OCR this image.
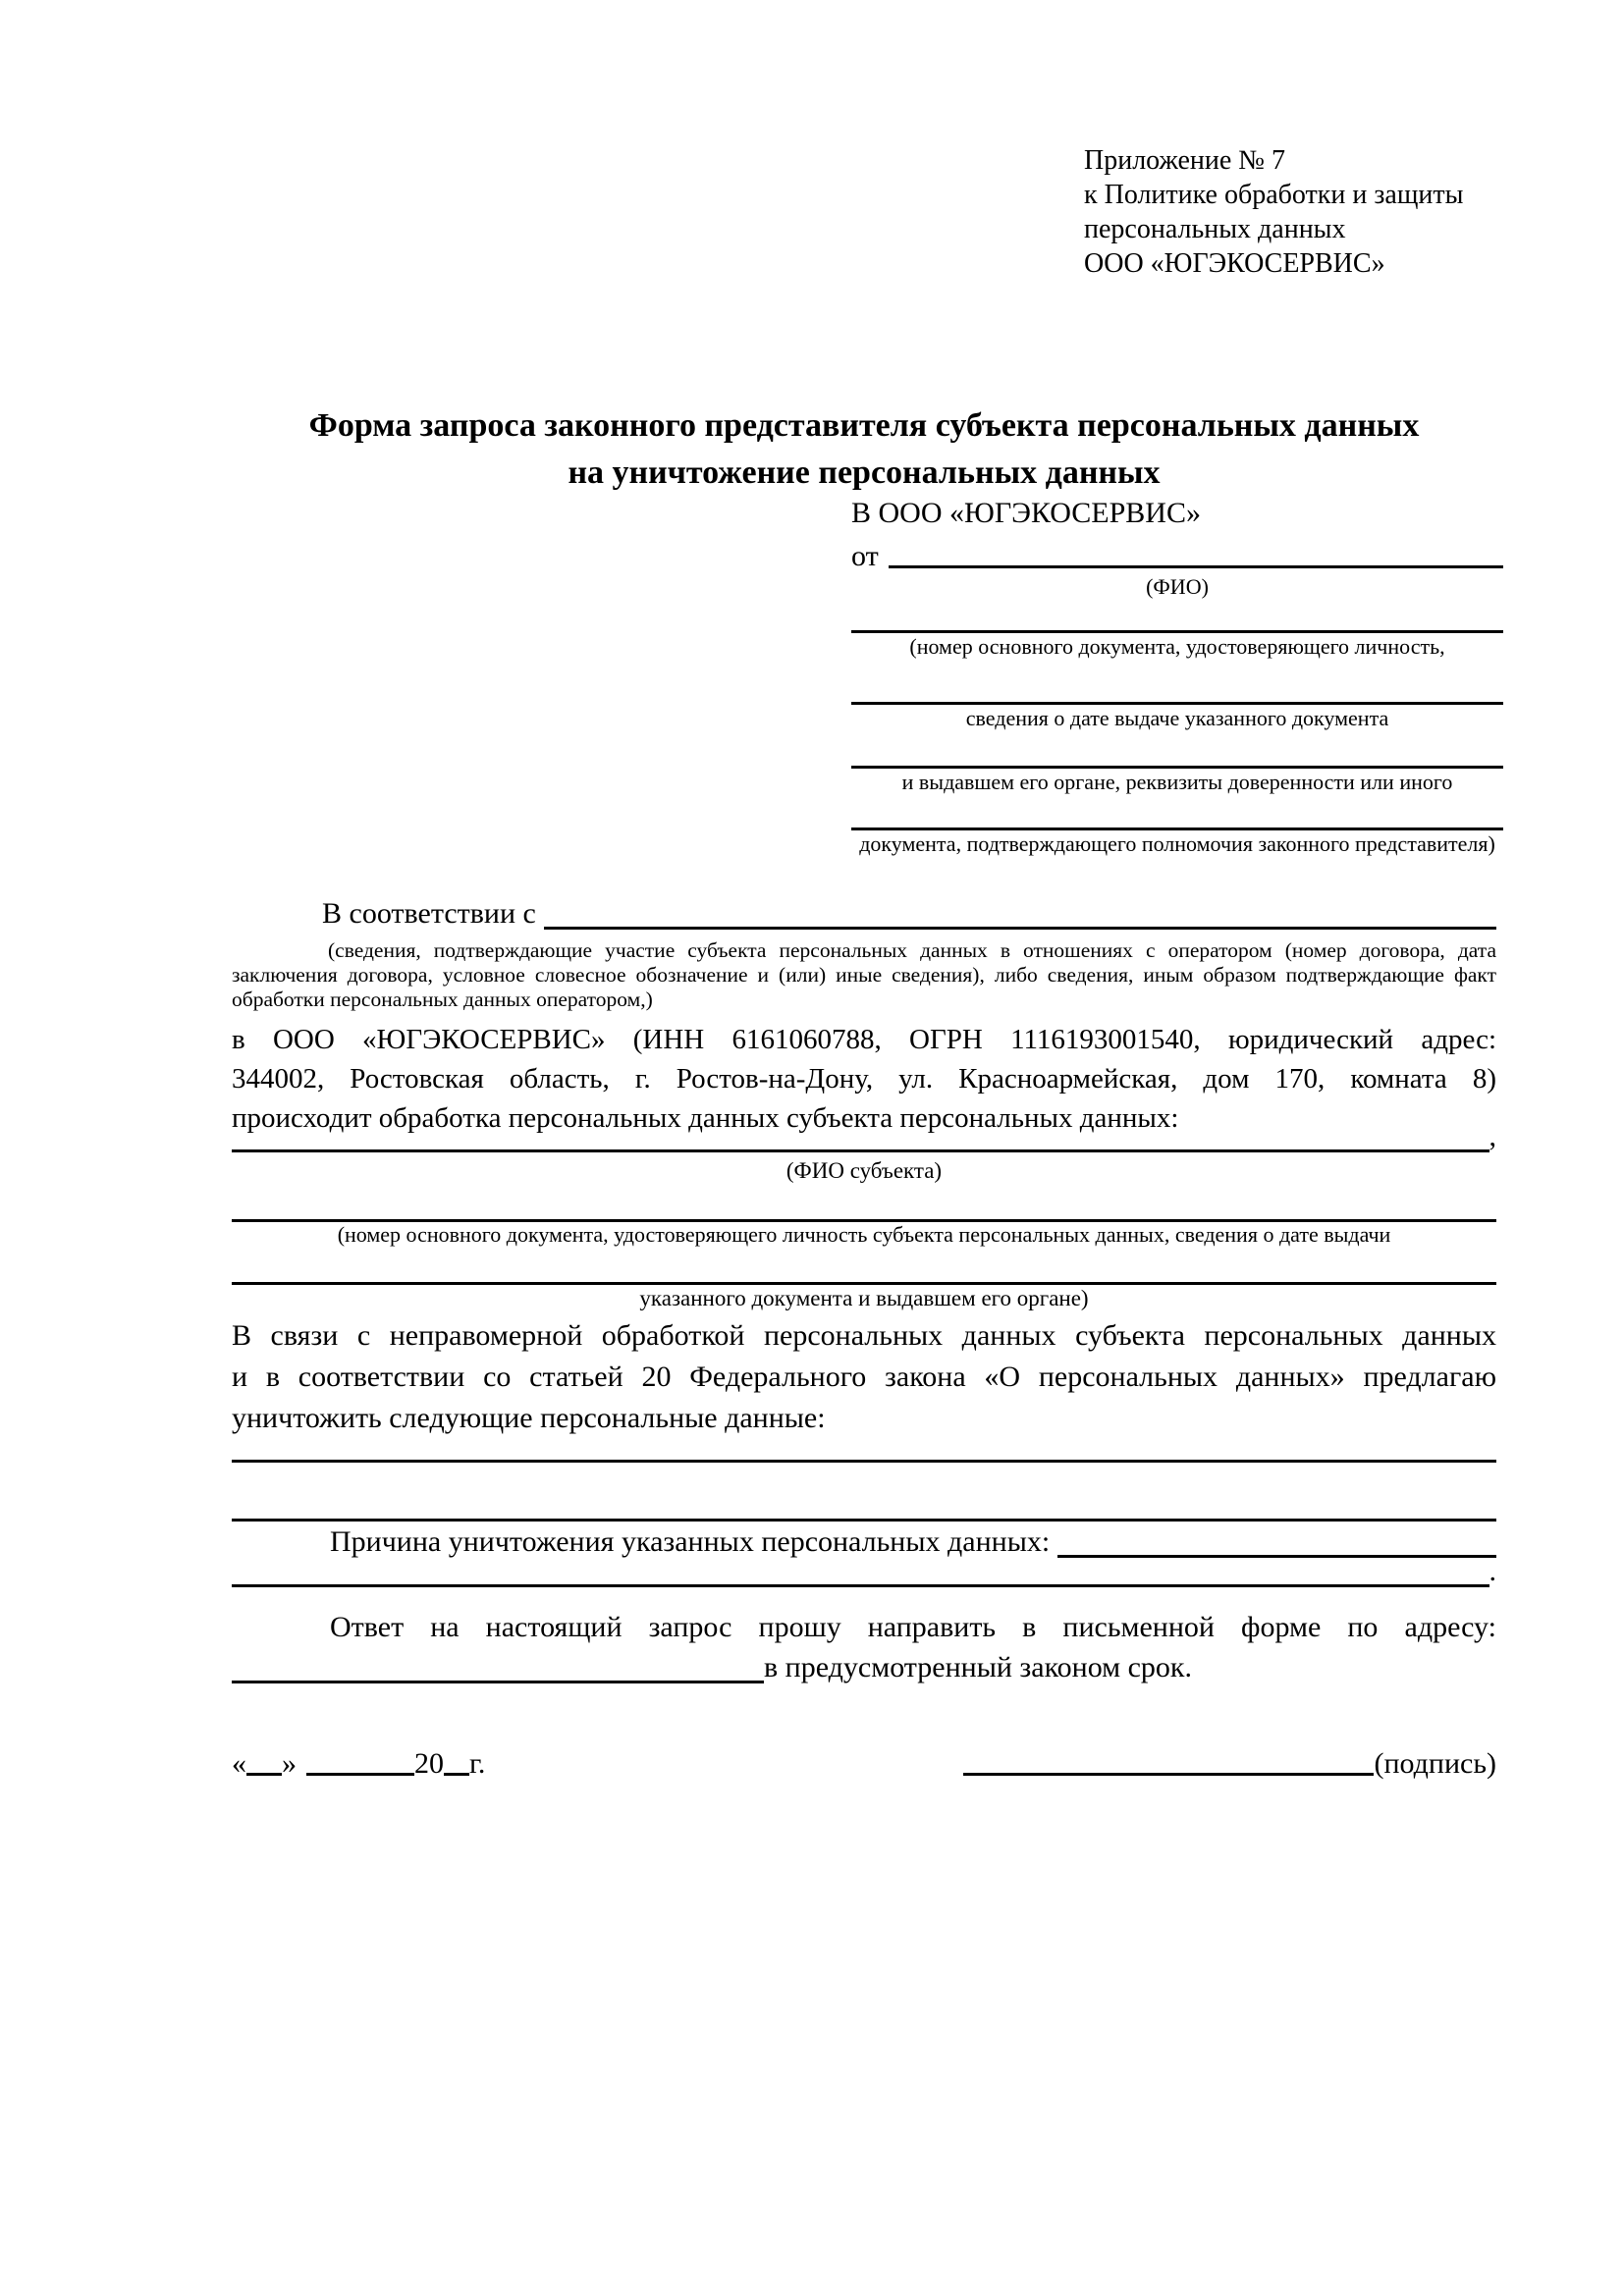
Приложение № 7
к Политике обработки и защиты
персональных данных
ООО «ЮГЭКОСЕРВИС»
Форма запроса законного представителя субъекта персональных данных
на уничтожение персональных данных
В ООО «ЮГЭКОСЕРВИС»
от
(ФИО)
(номер основного документа, удостоверяющего личность,
сведения о дате выдаче указанного документа
и выдавшем его органе, реквизиты доверенности или иного
документа, подтверждающего полномочия законного представителя)
В соответствии с
(сведения, подтверждающие участие субъекта персональных данных в отношениях с оператором (номер договора, дата
заключения договора, условное словесное обозначение и (или) иные сведения), либо сведения, иным образом подтверждающие факт
обработки персональных данных оператором,)
в ООО «ЮГЭКОСЕРВИС» (ИНН 6161060788, ОГРН 1116193001540, юридический адрес:
344002, Ростовская область, г. Ростов-на-Дону, ул. Красноармейская, дом 170, комната 8)
происходит обработка персональных данных субъекта персональных данных:
,
(ФИО субъекта)
(номер основного документа, удостоверяющего личность субъекта персональных данных, сведения о дате выдачи
указанного документа и выдавшем его органе)
В связи с неправомерной обработкой персональных данных субъекта персональных данных
и в соответствии со статьей 20 Федерального закона «О персональных данных» предлагаю
уничтожить следующие персональные данные:
Причина уничтожения указанных персональных данных:
.
Ответ на настоящий запрос прошу направить в письменной форме по адресу:
в предусмотренный законом срок.
« »	20 г.	(подпись)
